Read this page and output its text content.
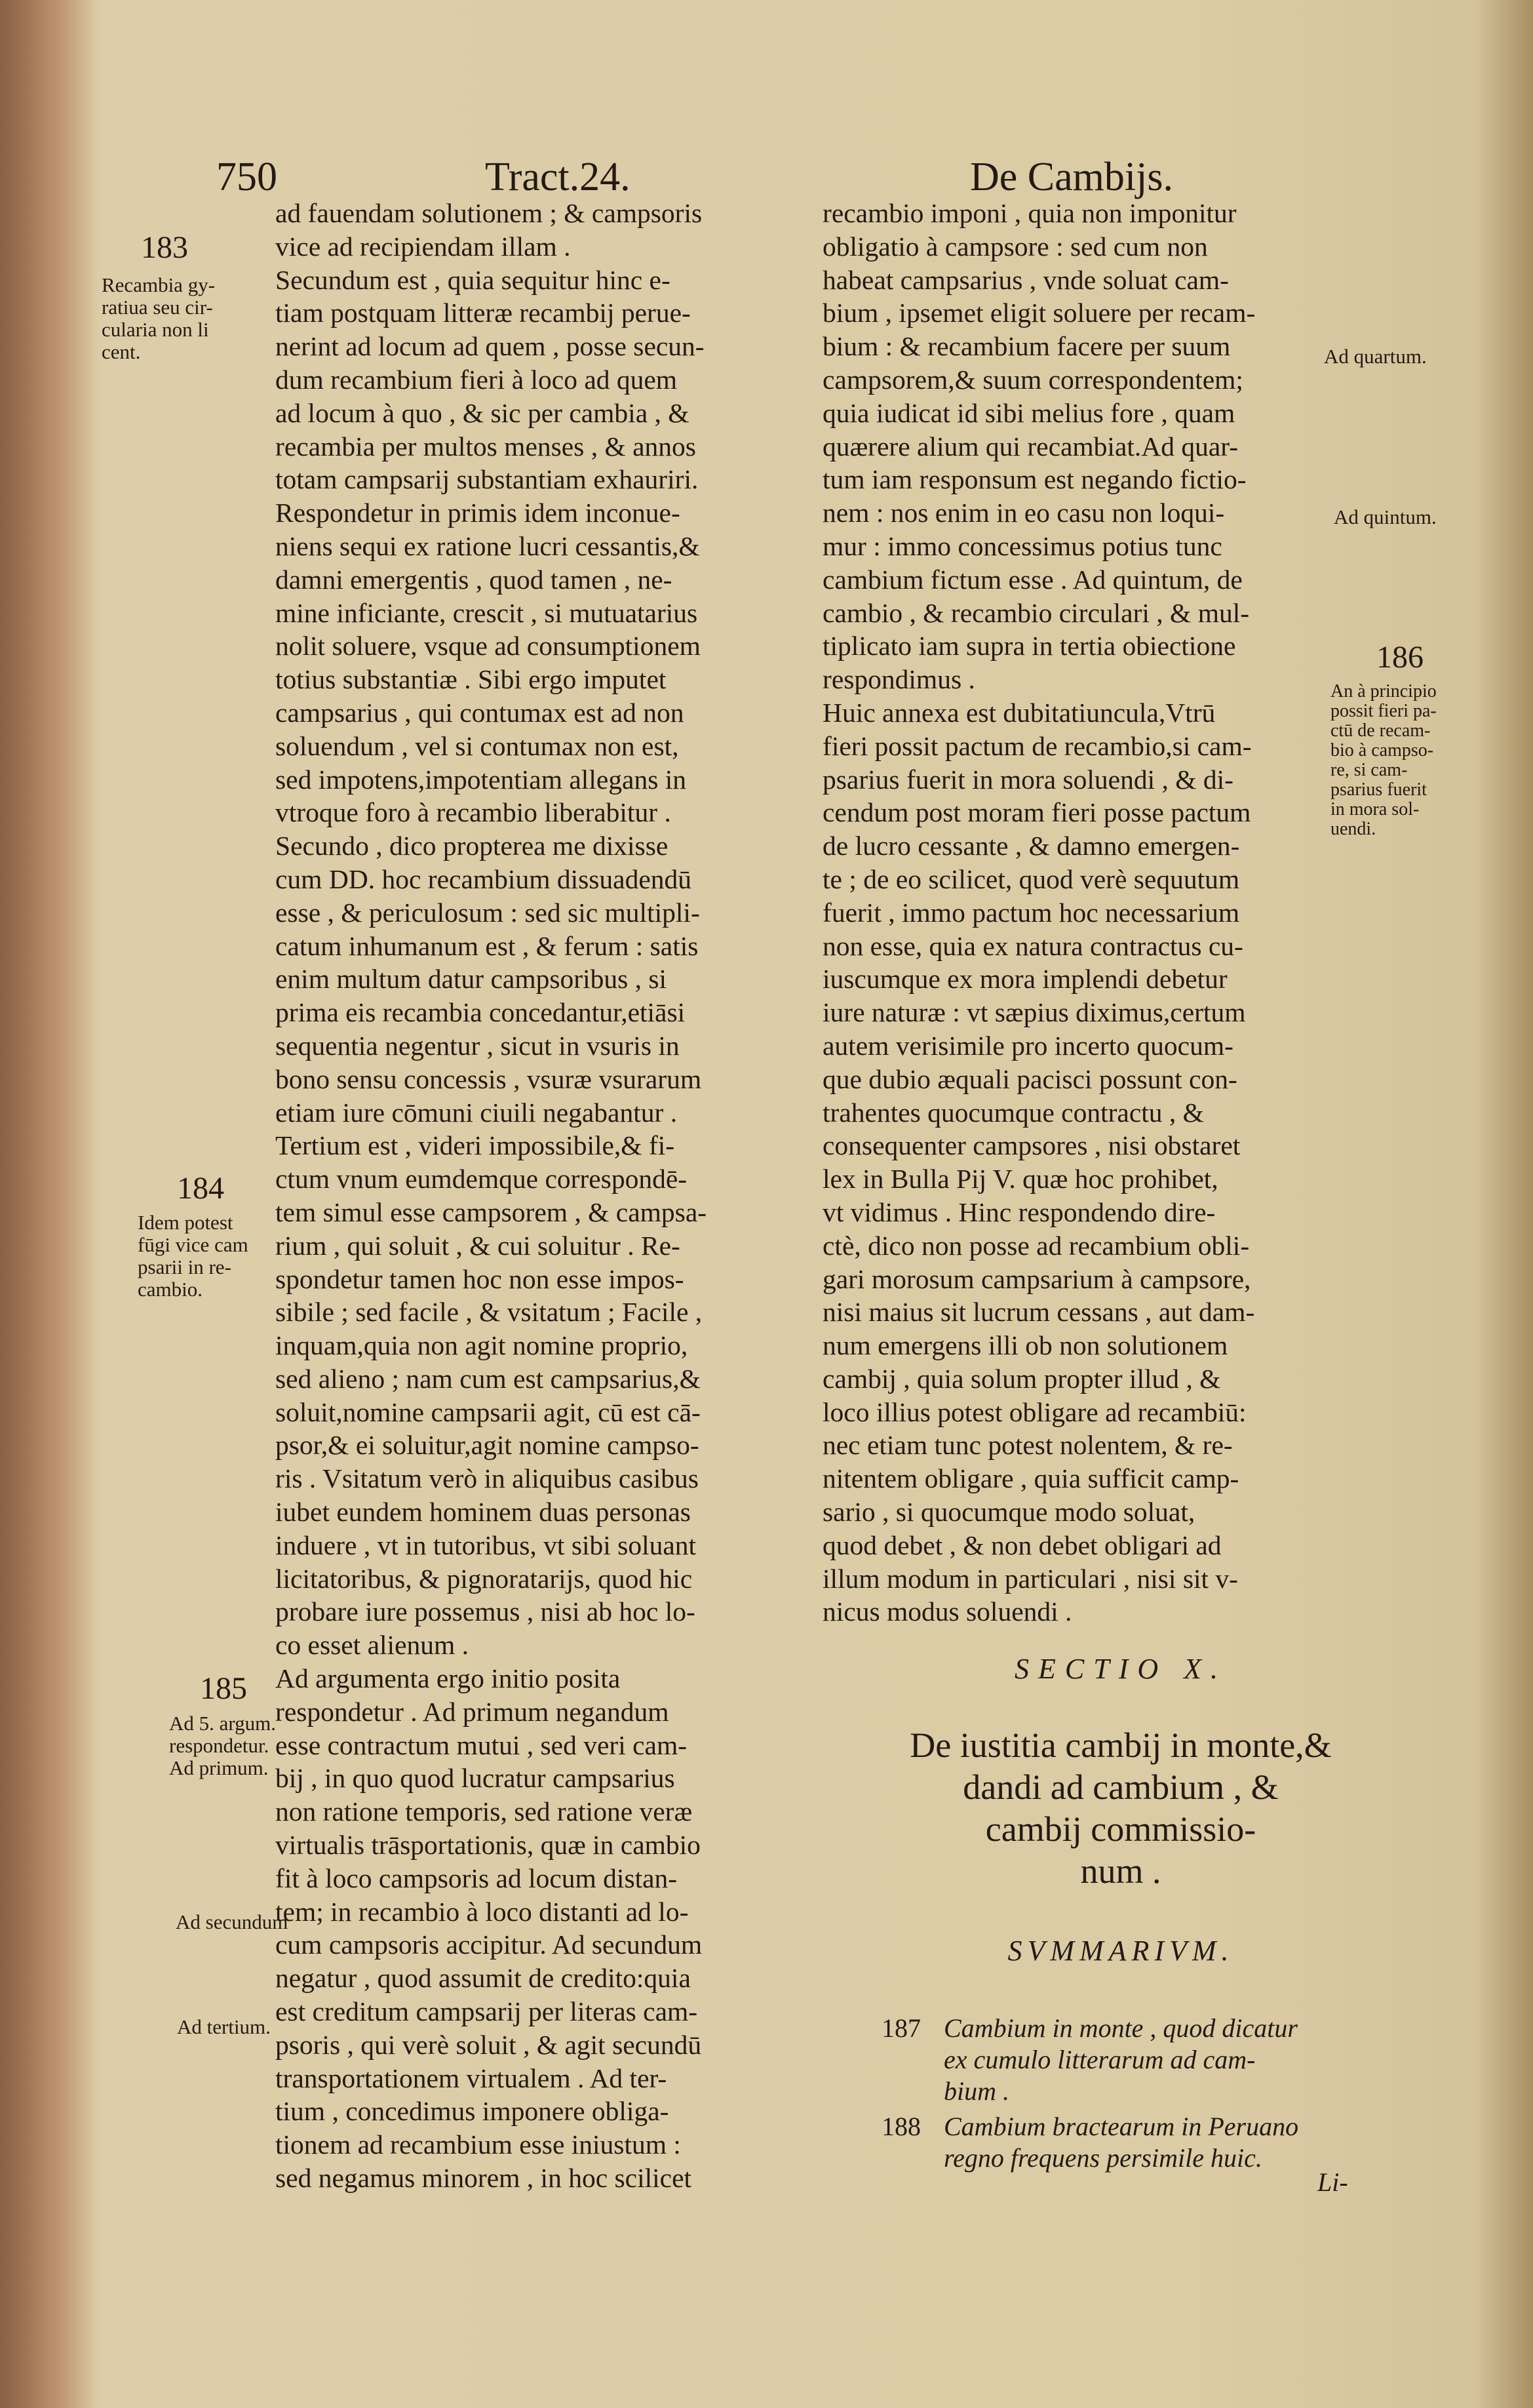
750	Tract.24.	De Cambijs.
ad fauendam solutionem ; & campsoris
vice ad recipiendam illam .
Secundum est , quia sequitur hinc e-
tiam postquam litteræ recambij perue-
nerint ad locum ad quem , posse secun-
dum recambium fieri à loco ad quem
ad locum à quo , & sic per cambia , &
recambia per multos menses , & annos
totam campsarij substantiam exhauriri.
Respondetur in primis idem inconue-
niens sequi ex ratione lucri cessantis,&
damni emergentis , quod tamen , ne-
mine inficiante, crescit , si mutuatarius
nolit soluere, vsque ad consumptionem
totius substantiæ . Sibi ergo imputet
campsarius , qui contumax est ad non
soluendum , vel si contumax non est,
sed impotens,impotentiam allegans in
vtroque foro à recambio liberabitur .
Secundo , dico propterea me dixisse
cum DD. hoc recambium dissuadendū
esse , & periculosum : sed sic multipli-
catum inhumanum est , & ferum : satis
enim multum datur campsoribus , si
prima eis recambia concedantur,etiāsi
sequentia negentur , sicut in vsuris in
bono sensu concessis , vsuræ vsurarum
etiam iure cōmuni ciuili negabantur .
Tertium est , videri impossibile,& fi-
ctum vnum eumdemque correspondē-
tem simul esse campsorem , & campsa-
rium , qui soluit , & cui soluitur . Re-
spondetur tamen hoc non esse impos-
sibile ; sed facile , & vsitatum ; Facile ,
inquam,quia non agit nomine proprio,
sed alieno ; nam cum est campsarius,&
soluit,nomine campsarii agit, cū est cā-
psor,& ei soluitur,agit nomine campso-
ris . Vsitatum verò in aliquibus casibus
iubet eundem hominem duas personas
induere , vt in tutoribus, vt sibi soluant
licitatoribus, & pignoratarijs, quod hic
probare iure possemus , nisi ab hoc lo-
co esset alienum .
Ad argumenta ergo initio posita
respondetur . Ad primum negandum
esse contractum mutui , sed veri cam-
bij , in quo quod lucratur campsarius
non ratione temporis, sed ratione veræ
virtualis trāsportationis, quæ in cambio
fit à loco campsoris ad locum distan-
tem; in recambio à loco distanti ad lo-
cum campsoris accipitur. Ad secundum
negatur , quod assumit de credito:quia
est creditum campsarij per literas cam-
psoris , qui verè soluit , & agit secundū
transportationem virtualem . Ad ter-
tium , concedimus imponere obliga-
tionem ad recambium esse iniustum :
sed negamus minorem , in hoc scilicet
recambio imponi , quia non imponitur
obligatio à campsore : sed cum non
habeat campsarius , vnde soluat cam-
bium , ipsemet eligit soluere per recam-
bium : & recambium facere per suum
campsorem,& suum correspondentem;
quia iudicat id sibi melius fore , quam
quærere alium qui recambiat.Ad quar-
tum iam responsum est negando fictio-
nem : nos enim in eo casu non loqui-
mur : immo concessimus potius tunc
cambium fictum esse . Ad quintum, de
cambio , & recambio circulari , & mul-
tiplicato iam supra in tertia obiectione
respondimus .
Huic annexa est dubitatiuncula,Vtrū
fieri possit pactum de recambio,si cam-
psarius fuerit in mora soluendi , & di-
cendum post moram fieri posse pactum
de lucro cessante , & damno emergen-
te ; de eo scilicet, quod verè sequutum
fuerit , immo pactum hoc necessarium
non esse, quia ex natura contractus cu-
iuscumque ex mora implendi debetur
iure naturæ : vt sæpius diximus,certum
autem verisimile pro incerto quocum-
que dubio æquali pacisci possunt con-
trahentes quocumque contractu , &
consequenter campsores , nisi obstaret
lex in Bulla Pij V. quæ hoc prohibet,
vt vidimus . Hinc respondendo dire-
ctè, dico non posse ad recambium obli-
gari morosum campsarium à campsore,
nisi maius sit lucrum cessans , aut dam-
num emergens illi ob non solutionem
cambij , quia solum propter illud , &
loco illius potest obligare ad recambiū:
nec etiam tunc potest nolentem, & re-
nitentem obligare , quia sufficit camp-
sario , si quocumque modo soluat,
quod debet , & non debet obligari ad
illum modum in particulari , nisi sit v-
nicus modus soluendi .
183
Recambia gy-
ratiua seu cir-
cularia non li
cent.
184
Idem potest
fūgi vice cam
psarii in re-
cambio.
185
Ad 5. argum.
respondetur.
Ad primum.
Ad secundum
Ad tertium.
Ad quartum.
Ad quintum.
186
An à principio
possit fieri pa-
ctū de recam-
bio à campso-
re, si cam-
psarius fuerit
in mora sol-
uendi.
SECTIO X.
De iustitia cambij in monte,&
dandi ad cambium , &
cambij commissio-
num .
SVMMARIVM.
187 Cambium in monte , quod dicatur
ex cumulo litterarum ad cam-
bium .
188 Cambium bractearum in Peruano
regno frequens persimile huic.
Li-
